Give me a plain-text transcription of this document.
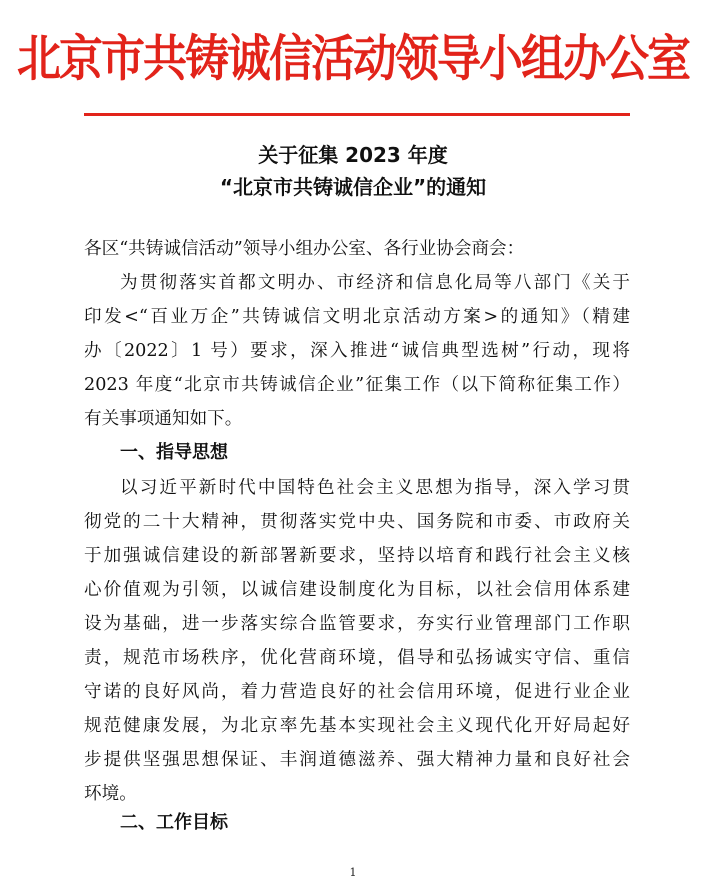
北京市共铸诚信活动领导小组办公室
关于征集 2023 年度
“北京市共铸诚信企业”的通知
各区“共铸诚信活动”领导小组办公室、各行业协会商会：
为贯彻落实首都文明办、市经济和信息化局等八部门《关于
印发<“百业万企”共铸诚信文明北京活动方案>的通知》（精建
办〔2022〕1 号）要求，深入推进“诚信典型选树”行动，现将
2023 年度“北京市共铸诚信企业”征集工作（以下简称征集工作）
有关事项通知如下。
一、指导思想
以习近平新时代中国特色社会主义思想为指导，深入学习贯
彻党的二十大精神，贯彻落实党中央、国务院和市委、市政府关
于加强诚信建设的新部署新要求，坚持以培育和践行社会主义核
心价值观为引领，以诚信建设制度化为目标，以社会信用体系建
设为基础，进一步落实综合监管要求，夯实行业管理部门工作职
责，规范市场秩序，优化营商环境，倡导和弘扬诚实守信、重信
守诺的良好风尚，着力营造良好的社会信用环境，促进行业企业
规范健康发展，为北京率先基本实现社会主义现代化开好局起好
步提供坚强思想保证、丰润道德滋养、强大精神力量和良好社会
环境。
二、工作目标
1
